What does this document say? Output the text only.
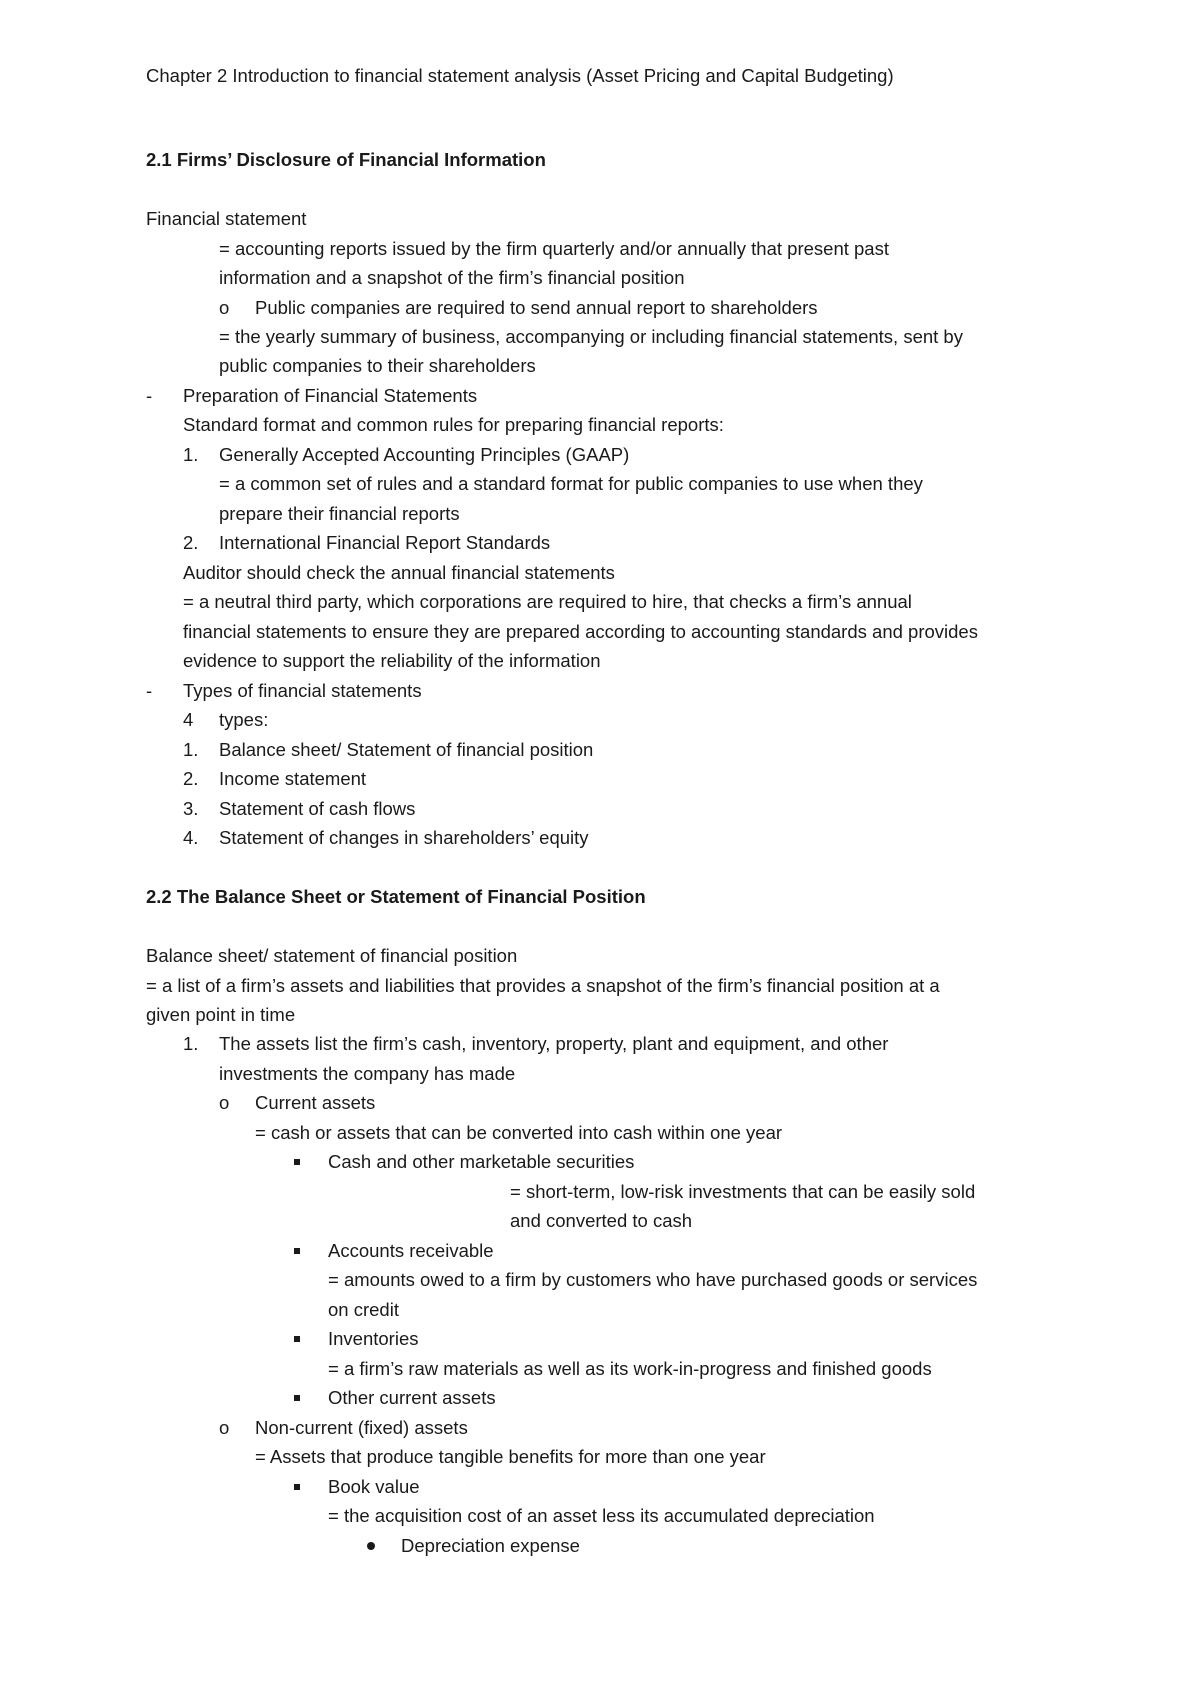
Chapter 2 Introduction to financial statement analysis (Asset Pricing and Capital Budgeting)
2.1 Firms’ Disclosure of Financial Information
Financial statement
= accounting reports issued by the firm quarterly and/or annually that present past
information and a snapshot of the firm’s financial position
o Public companies are required to send annual report to shareholders
= the yearly summary of business, accompanying or including financial statements, sent by
public companies to their shareholders
- Preparation of Financial Statements
Standard format and common rules for preparing financial reports:
1. Generally Accepted Accounting Principles (GAAP)
= a common set of rules and a standard format for public companies to use when they
prepare their financial reports
2. International Financial Report Standards
Auditor should check the annual financial statements
= a neutral third party, which corporations are required to hire, that checks a firm’s annual
financial statements to ensure they are prepared according to accounting standards and provides
evidence to support the reliability of the information
- Types of financial statements
4 types:
1. Balance sheet/ Statement of financial position
2. Income statement
3. Statement of cash flows
4. Statement of changes in shareholders’ equity
2.2 The Balance Sheet or Statement of Financial Position
Balance sheet/ statement of financial position
= a list of a firm’s assets and liabilities that provides a snapshot of the firm’s financial position at a
given point in time
1. The assets list the firm’s cash, inventory, property, plant and equipment, and other
investments the company has made
o Current assets
= cash or assets that can be converted into cash within one year
Cash and other marketable securities
= short-term, low-risk investments that can be easily sold
and converted to cash
Accounts receivable
= amounts owed to a firm by customers who have purchased goods or services
on credit
Inventories
= a firm’s raw materials as well as its work-in-progress and finished goods
Other current assets
o Non-current (fixed) assets
= Assets that produce tangible benefits for more than one year
Book value
= the acquisition cost of an asset less its accumulated depreciation
Depreciation expense
